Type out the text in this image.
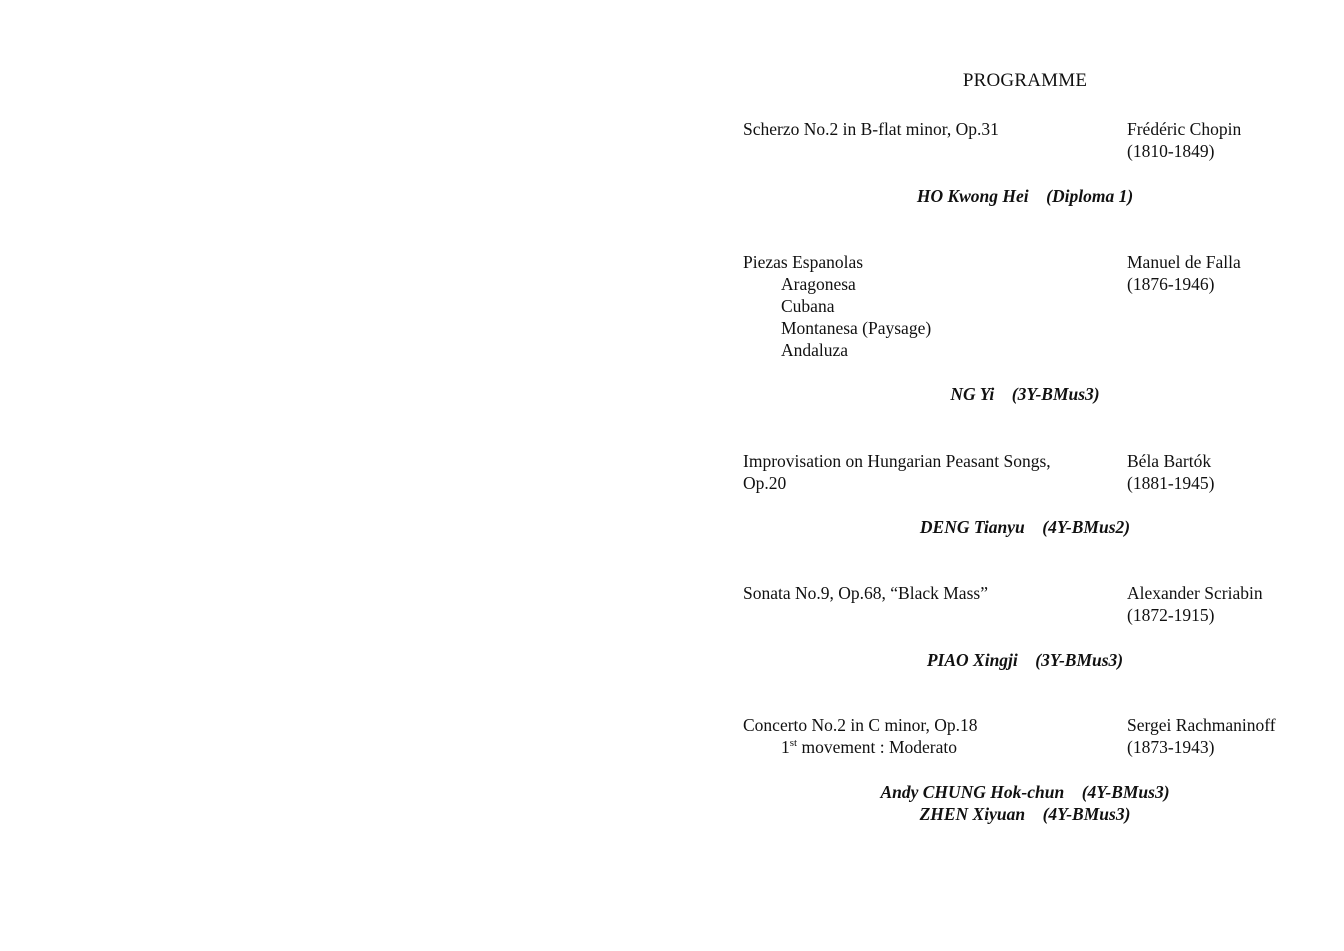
PROGRAMME
Scherzo No.2 in B-flat minor, Op.31	Frédéric Chopin
(1810-1849)
HO Kwong Hei    (Diploma 1)
Piezas Espanolas
Aragonesa
Cubana
Montanesa (Paysage)
Andaluza
Manuel de Falla
(1876-1946)
NG Yi    (3Y-BMus3)
Improvisation on Hungarian Peasant Songs,
Op.20
Béla Bartók
(1881-1945)
DENG Tianyu    (4Y-BMus2)
Sonata No.9, Op.68, “Black Mass”	Alexander Scriabin
(1872-1915)
PIAO Xingji    (3Y-BMus3)
Concerto No.2 in C minor, Op.18
1st movement : Moderato
Sergei Rachmaninoff
(1873-1943)
Andy CHUNG Hok-chun    (4Y-BMus3)
ZHEN Xiyuan    (4Y-BMus3)
